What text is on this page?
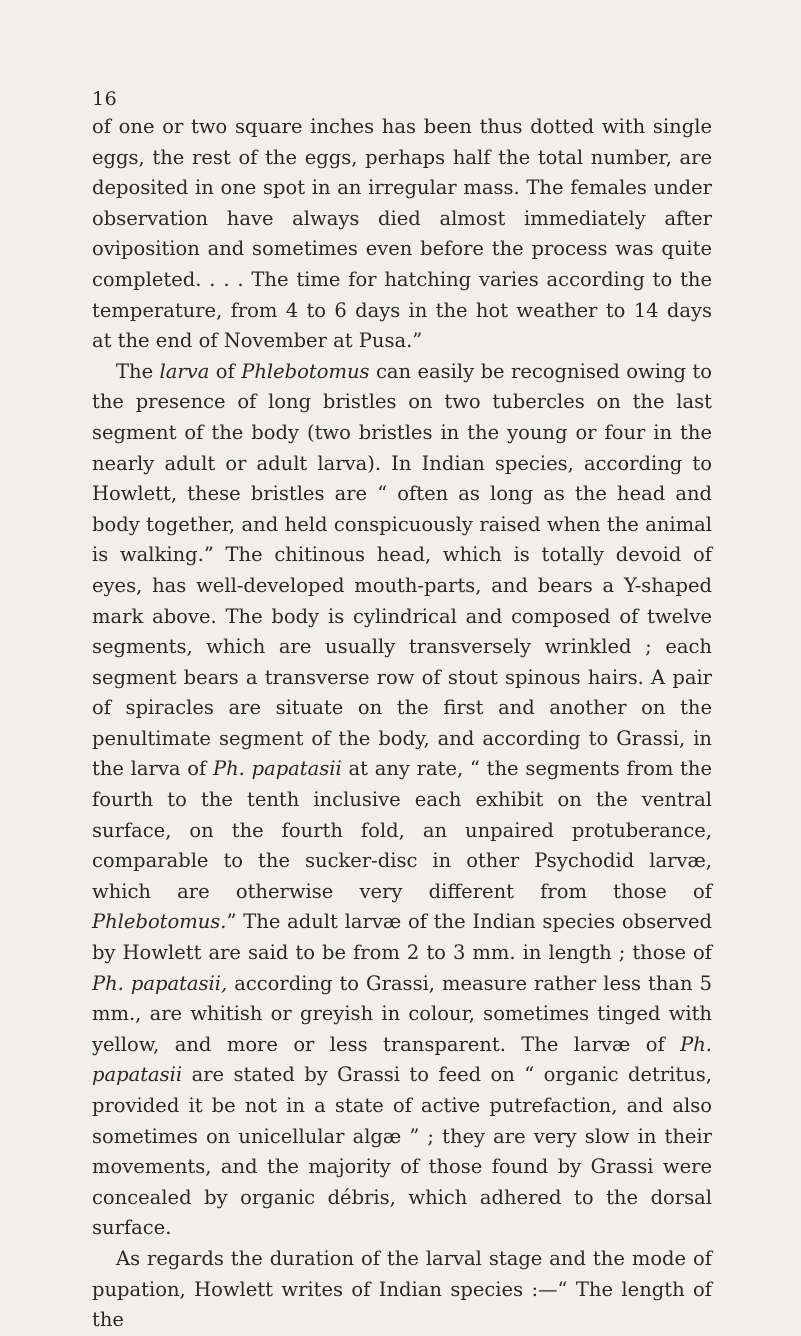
16

of one or two square inches has been thus dotted with single eggs, the rest of the eggs, perhaps half the total number, are deposited in one spot in an irregular mass. The females under observation have always died almost immediately after oviposition and sometimes even before the process was quite completed. . . . The time for hatching varies according to the temperature, from 4 to 6 days in the hot weather to 14 days at the end of November at Pusa.”

The larva of Phlebotomus can easily be recognised owing to the presence of long bristles on two tubercles on the last segment of the body (two bristles in the young or four in the nearly adult or adult larva). In Indian species, according to Howlett, these bristles are “ often as long as the head and body together, and held conspicuously raised when the animal is walking.” The chitinous head, which is totally devoid of eyes, has well-developed mouth-parts, and bears a Y-shaped mark above. The body is cylindrical and composed of twelve segments, which are usually transversely wrinkled ; each segment bears a transverse row of stout spinous hairs. A pair of spiracles are situate on the first and another on the penultimate segment of the body, and according to Grassi, in the larva of Ph. papatasii at any rate, “ the segments from the fourth to the tenth inclusive each exhibit on the ventral surface, on the fourth fold, an unpaired protuberance, comparable to the sucker-disc in other Psychodid larvæ, which are otherwise very different from those of Phlebotomus.” The adult larvæ of the Indian species observed by Howlett are said to be from 2 to 3 mm. in length ; those of Ph. papatasii, according to Grassi, measure rather less than 5 mm., are whitish or greyish in colour, sometimes tinged with yellow, and more or less transparent. The larvæ of Ph. papatasii are stated by Grassi to feed on “ organic detritus, provided it be not in a state of active putrefaction, and also sometimes on unicellular algæ ” ; they are very slow in their movements, and the majority of those found by Grassi were concealed by organic débris, which adhered to the dorsal surface.

As regards the duration of the larval stage and the mode of pupation, Howlett writes of Indian species :—“ The length of the
